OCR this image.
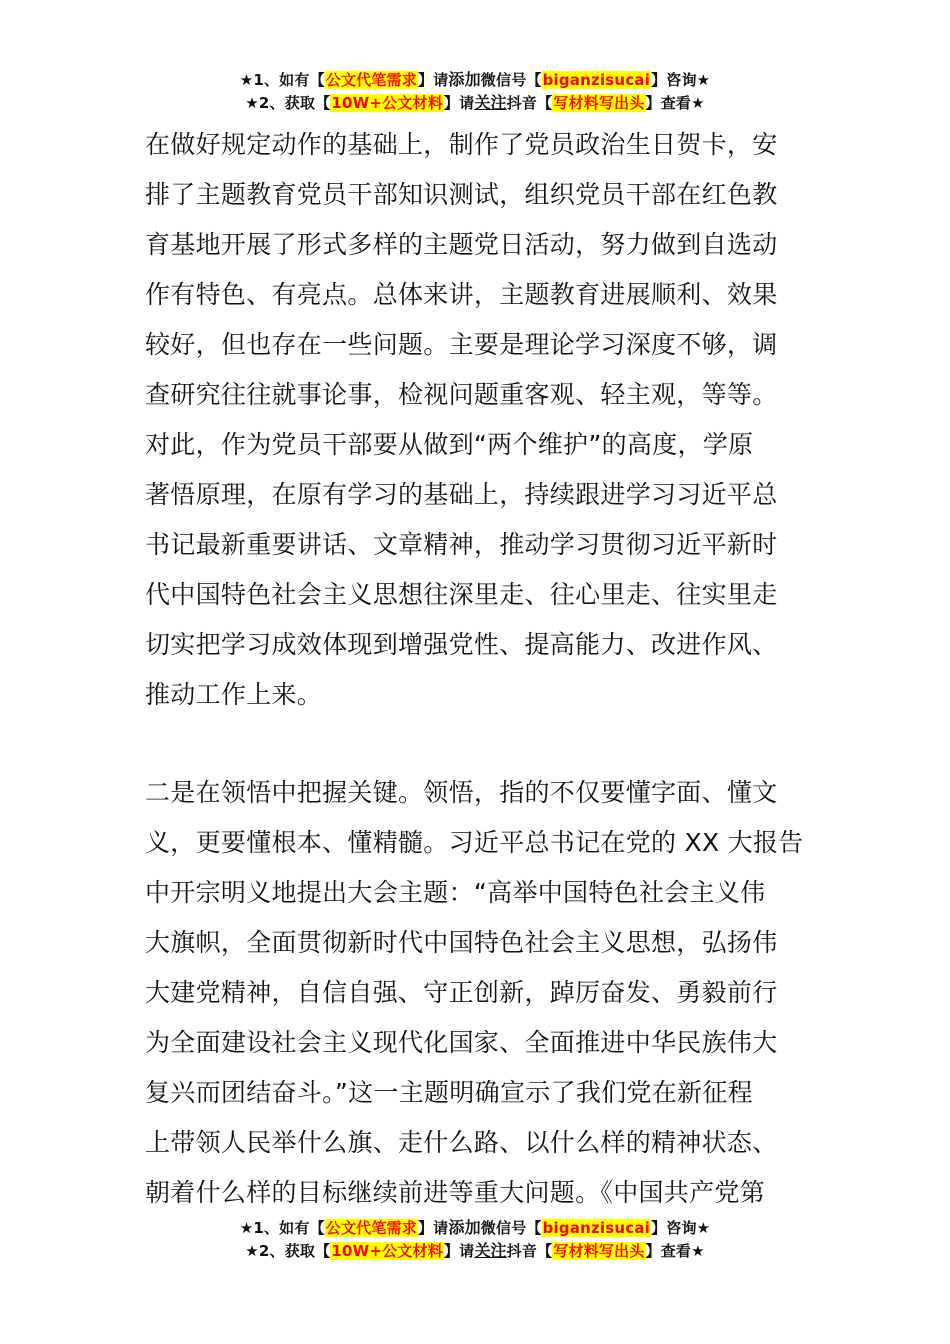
★1、如有【公文代笔需求】请添加微信号【biganzisucai】咨询★
★2、获取【10W+公文材料】请关注抖音【写材料写出头】查看★
在做好规定动作的基础上，制作了党员政治生日贺卡，安
排了主题教育党员干部知识测试，组织党员干部在红色教
育基地开展了形式多样的主题党日活动，努力做到自选动
作有特色、有亮点。总体来讲，主题教育进展顺利、效果
较好，但也存在一些问题。主要是理论学习深度不够，调
查研究往往就事论事，检视问题重客观、轻主观，等等。
对此，作为党员干部要从做到“两个维护”的高度，学原
著悟原理，在原有学习的基础上，持续跟进学习习近平总
书记最新重要讲话、文章精神，推动学习贯彻习近平新时
代中国特色社会主义思想往深里走、往心里走、往实里走
切实把学习成效体现到增强党性、提高能力、改进作风、
推动工作上来。
二是在领悟中把握关键。领悟，指的不仅要懂字面、懂文
义，更要懂根本、懂精髓。习近平总书记在党的 XX 大报告
中开宗明义地提出大会主题：“高举中国特色社会主义伟
大旗帜，全面贯彻新时代中国特色社会主义思想，弘扬伟
大建党精神，自信自强、守正创新，踔厉奋发、勇毅前行
为全面建设社会主义现代化国家、全面推进中华民族伟大
复兴而团结奋斗。”这一主题明确宣示了我们党在新征程
上带领人民举什么旗、走什么路、以什么样的精神状态、
朝着什么样的目标继续前进等重大问题。《中国共产党第
★1、如有【公文代笔需求】请添加微信号【biganzisucai】咨询★
★2、获取【10W+公文材料】请关注抖音【写材料写出头】查看★
